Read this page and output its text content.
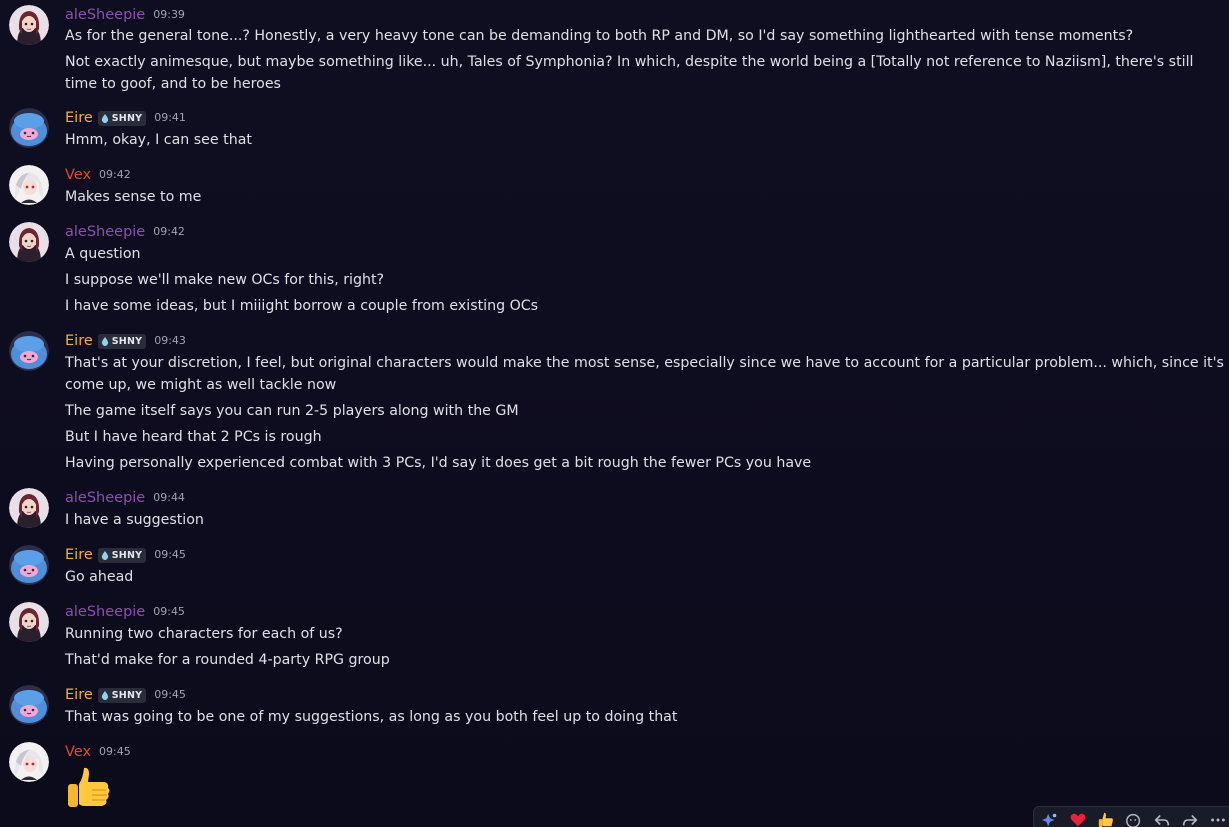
aleSheepie 09:39
As for the general tone...? Honestly, a very heavy tone can be demanding to both RP and DM, so I'd say something lighthearted with tense moments?
Not exactly animesque, but maybe something like... uh, Tales of Symphonia? In which, despite the world being a [Totally not reference to Naziism], there's still time to goof, and to be heroes
Eire SHNY 09:41
Hmm, okay, I can see that
Vex 09:42
Makes sense to me
aleSheepie 09:42
A question
I suppose we'll make new OCs for this, right?
I have some ideas, but I miiight borrow a couple from existing OCs
Eire SHNY 09:43
That's at your discretion, I feel, but original characters would make the most sense, especially since we have to account for a particular problem... which, since it's come up, we might as well tackle now
The game itself says you can run 2-5 players along with the GM
But I have heard that 2 PCs is rough
Having personally experienced combat with 3 PCs, I'd say it does get a bit rough the fewer PCs you have
aleSheepie 09:44
I have a suggestion
Eire SHNY 09:45
Go ahead
aleSheepie 09:45
Running two characters for each of us?
That'd make for a rounded 4-party RPG group
Eire SHNY 09:45
That was going to be one of my suggestions, as long as you both feel up to doing that
Vex 09:45
